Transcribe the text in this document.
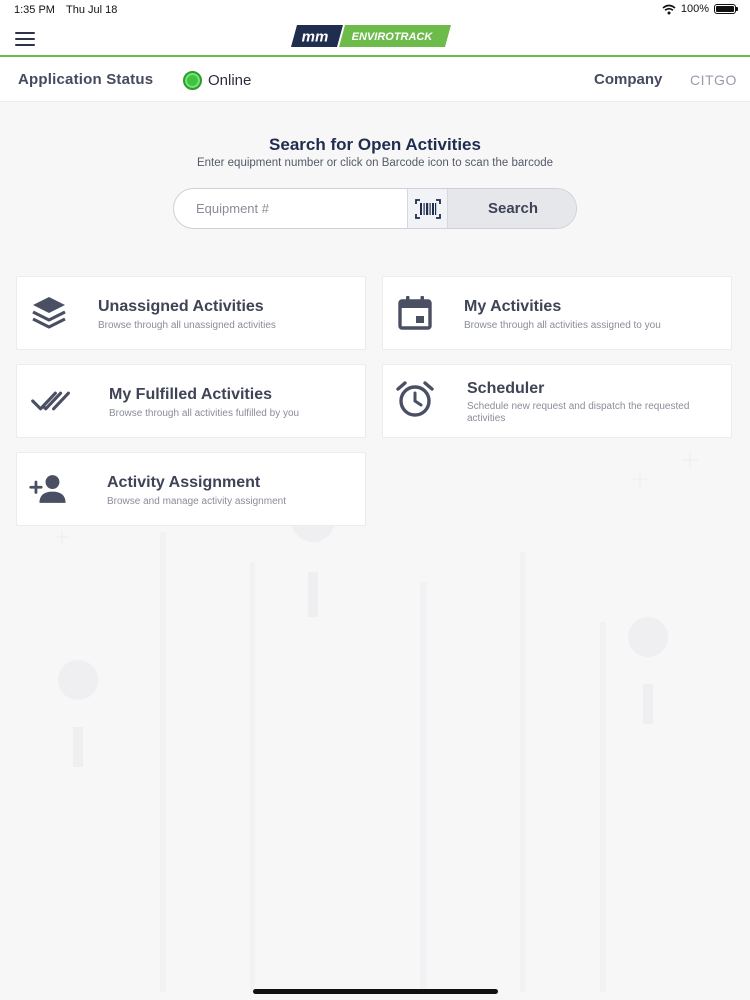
1:35 PM Thu Jul 18	100%
mm ENVIROTRACK
Application Status	Online	Company CITGO
Search for Open Activities
Enter equipment number or click on Barcode icon to scan the barcode
Equipment #
Search
Unassigned Activities
Browse through all unassigned activities
My Activities
Browse through all activities assigned to you
My Fulfilled Activities
Browse through all activities fulfilled by you
Scheduler
Schedule new request and dispatch the requested activities
Activity Assignment
Browse and manage activity assignment
